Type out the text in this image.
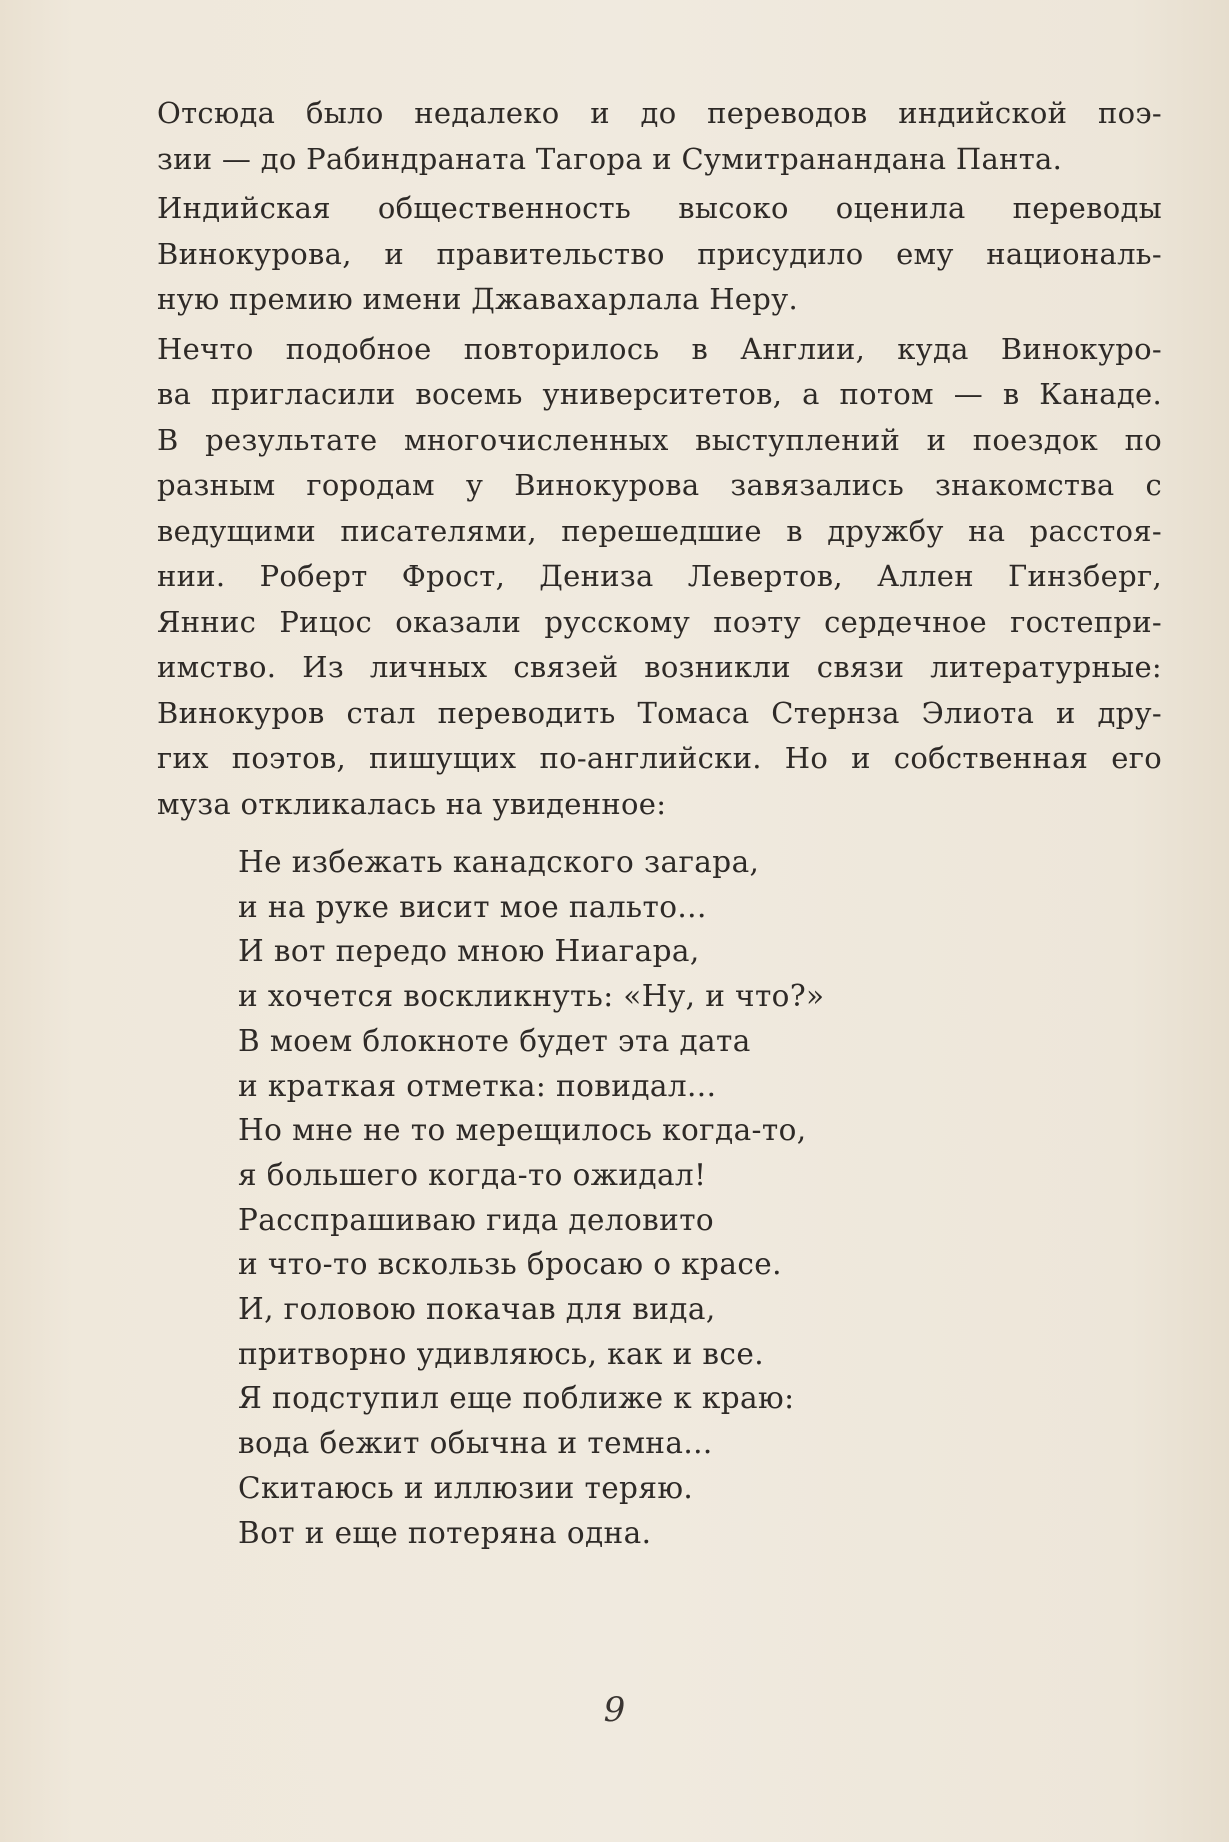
Отсюда было недалеко и до переводов индийской поэ-
зии — до Рабиндраната Тагора и Сумитранандана Панта.

Индийская общественность высоко оценила переводы
Винокурова, и правительство присудило ему националь-
ную премию имени Джавахарлала Неру.

Нечто подобное повторилось в Англии, куда Винокуро-
ва пригласили восемь университетов, а потом — в Канаде.
В результате многочисленных выступлений и поездок по
разным городам у Винокурова завязались знакомства с
ведущими писателями, перешедшие в дружбу на расстоя-
нии. Роберт Фрост, Дениза Левертов, Аллен Гинзберг,
Яннис Рицос оказали русскому поэту сердечное гостепри-
имство. Из личных связей возникли связи литературные:
Винокуров стал переводить Томаса Стернза Элиота и дру-
гих поэтов, пишущих по-английски. Но и собственная его
муза откликалась на увиденное:

Не избежать канадского загара,
и на руке висит мое пальто...
И вот передо мною Ниагара,
и хочется воскликнуть: «Ну, и что?»
В моем блокноте будет эта дата
и краткая отметка: повидал...
Но мне не то мерещилось когда-то,
я большего когда-то ожидал!
Расспрашиваю гида деловито
и что-то вскользь бросаю о красе.
И, головою покачав для вида,
притворно удивляюсь, как и все.
Я подступил еще поближе к краю:
вода бежит обычна и темна...
Скитаюсь и иллюзии теряю.
Вот и еще потеряна одна.
9
